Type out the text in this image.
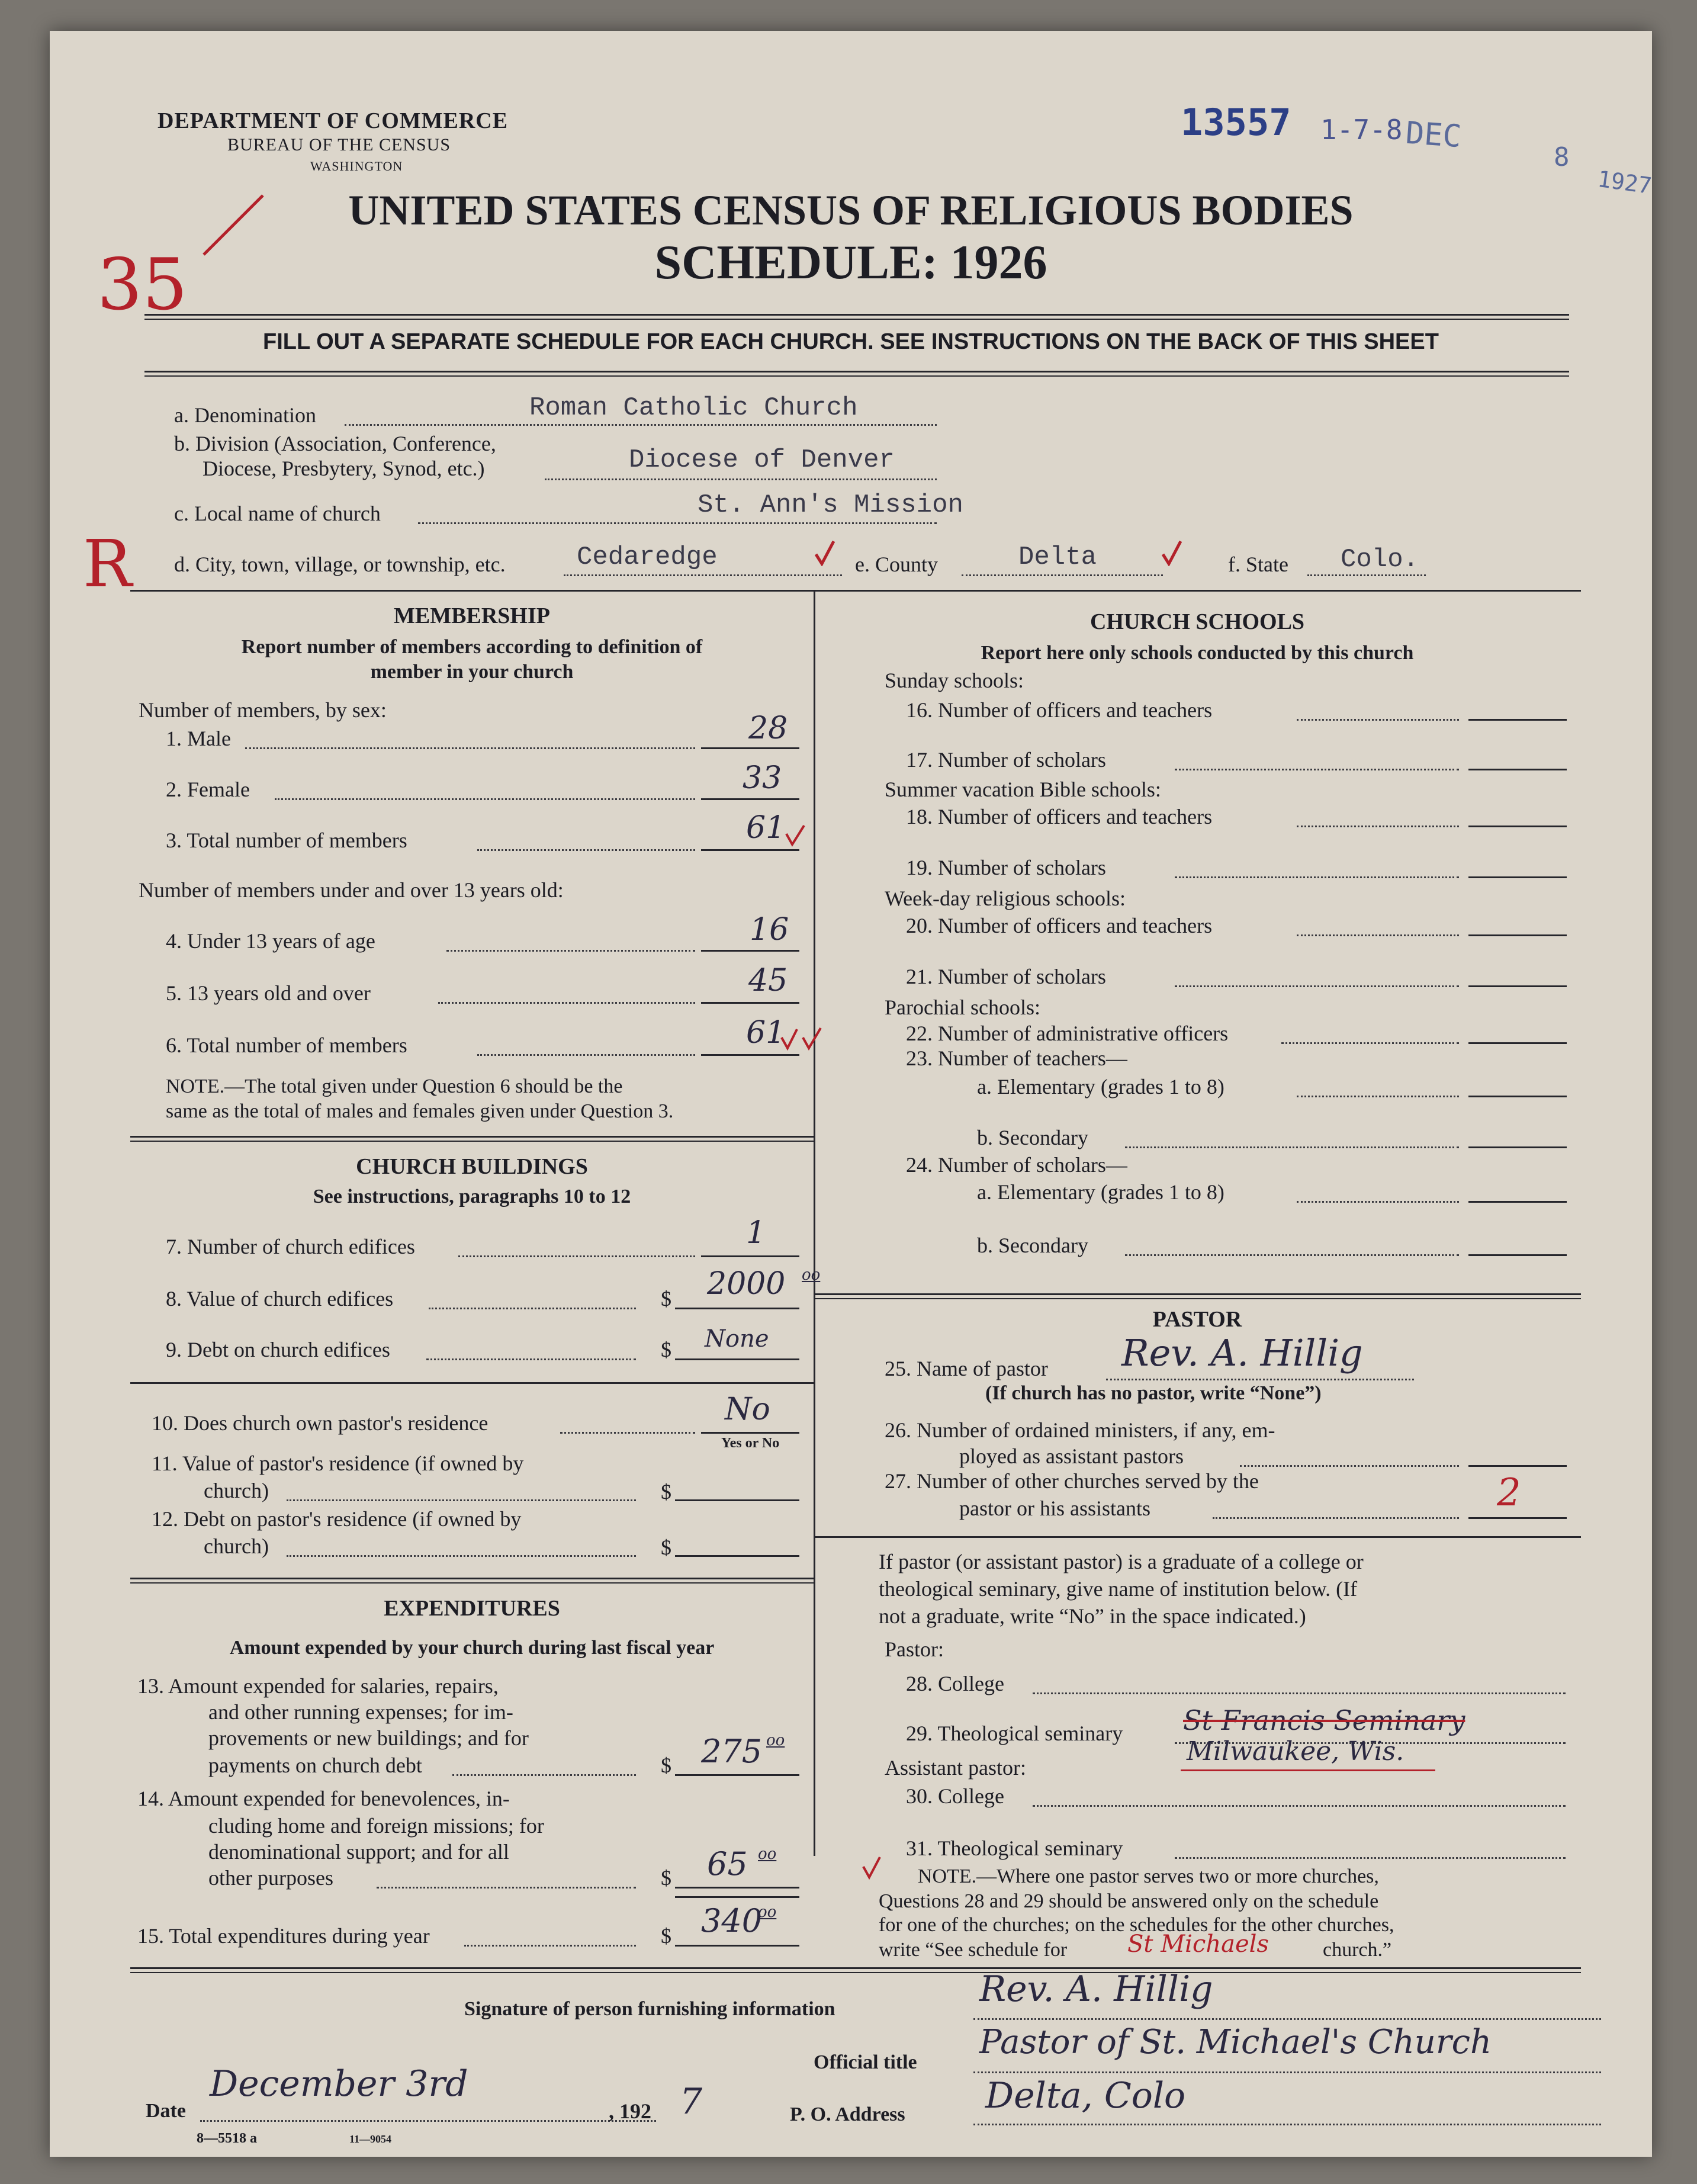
13557 1-7-8 DEC
8
1927
35
R
DEPARTMENT OF COMMERCE
BUREAU OF THE CENSUS
WASHINGTON
UNITED STATES CENSUS OF RELIGIOUS BODIES
SCHEDULE: 1926
FILL OUT A SEPARATE SCHEDULE FOR EACH CHURCH. SEE INSTRUCTIONS ON THE BACK OF THIS SHEET
a. Denomination	Roman Catholic Church
b. Division (Association, Conference,
Diocese, Presbytery, Synod, etc.)	Diocese of Denver
c. Local name of church	St. Ann's Mission
d. City, town, village, or township, etc.	Cedaredge	e. County	Delta	f. State Colo.
MEMBERSHIP
Report number of members according to definition of
member in your church
Number of members, by sex:
1. Male	28
2. Female	33
3. Total number of members	61
Number of members under and over 13 years old:
4. Under 13 years of age	16
5. 13 years old and over	45
6. Total number of members	61
NOTE.—The total given under Question 6 should be the
same as the total of males and females given under Question 3.
CHURCH BUILDINGS
See instructions, paragraphs 10 to 12
7. Number of church edifices	1
8. Value of church edifices	$ 2000 oo
9. Debt on church edifices	$ None
10. Does church own pastor's residence	No
Yes or No
11. Value of pastor's residence (if owned by
church)	$
12. Debt on pastor's residence (if owned by
church)	$
EXPENDITURES
Amount expended by your church during last fiscal year
13. Amount expended for salaries, repairs,
and other running expenses; for im-
provements or new buildings; and for
payments on church debt	$ 275 oo
14. Amount expended for benevolences, in-
cluding home and foreign missions; for
denominational support; and for all
other purposes	$ 65 oo
15. Total expenditures during year	$ 340
oo
CHURCH SCHOOLS
Report here only schools conducted by this church
Sunday schools:
16. Number of officers and teachers
17. Number of scholars
Summer vacation Bible schools:
18. Number of officers and teachers
19. Number of scholars
Week-day religious schools:
20. Number of officers and teachers
21. Number of scholars
Parochial schools:
22. Number of administrative officers
23. Number of teachers—
a. Elementary (grades 1 to 8)
b. Secondary
24. Number of scholars—
a. Elementary (grades 1 to 8)
b. Secondary
PASTOR
25. Name of pastor Rev. A. Hillig
(If church has no pastor, write “None”)
26. Number of ordained ministers, if any, em-
ployed as assistant pastors
27. Number of other churches served by the
pastor or his assistants	2
If pastor (or assistant pastor) is a graduate of a college or
theological seminary, give name of institution below. (If
not a graduate, write “No” in the space indicated.)
Pastor:
28. College
29. Theological seminary St Francis Seminary
Milwaukee, Wis.
Assistant pastor:
30. College
31. Theological seminary
NOTE.—Where one pastor serves two or more churches,
Questions 28 and 29 should be answered only on the schedule
for one of the churches; on the schedules for the other churches,
write “See schedule for	St Michaels	church.”
Signature of person furnishing information	Rev. A. Hillig
Official title
Pastor of St. Michael's Church
Date
December 3rd
, 192 7	P. O. Address Delta, Colo
8—5518 a	11—9054
